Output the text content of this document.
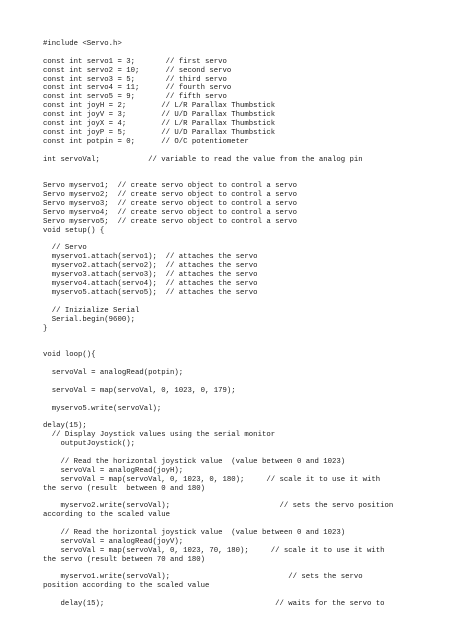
#include <Servo.h>

const int servo1 = 3;       // first servo
const int servo2 = 10;      // second servo
const int servo3 = 5;       // third servo
const int servo4 = 11;      // fourth servo
const int servo5 = 9;       // fifth servo
const int joyH = 2;        // L/R Parallax Thumbstick
const int joyV = 3;        // U/D Parallax Thumbstick
const int joyX = 4;        // L/R Parallax Thumbstick
const int joyP = 5;        // U/D Parallax Thumbstick
const int potpin = 0;      // O/C potentiometer

int servoVal;           // variable to read the value from the analog pin

Servo myservo1;  // create servo object to control a servo
Servo myservo2;  // create servo object to control a servo
Servo myservo3;  // create servo object to control a servo
Servo myservo4;  // create servo object to control a servo
Servo myservo5;  // create servo object to control a servo
void setup() {

// Servo
myservo1.attach(servo1);  // attaches the servo
myservo2.attach(servo2);  // attaches the servo
myservo3.attach(servo3);  // attaches the servo
myservo4.attach(servo4);  // attaches the servo
myservo5.attach(servo5);  // attaches the servo

// Inizialize Serial
Serial.begin(9600);
}

void loop(){

servoVal = analogRead(potpin);

servoVal = map(servoVal, 0, 1023, 0, 179);

myservo5.write(servoVal);

delay(15);
// Display Joystick values using the serial monitor
outputJoystick();

// Read the horizontal joystick value  (value between 0 and 1023)
servoVal = analogRead(joyH);
servoVal = map(servoVal, 0, 1023, 0, 180);     // scale it to use it with
the servo (result  between 0 and 180)

myservo2.write(servoVal);                         // sets the servo position
according to the scaled value

// Read the horizontal joystick value  (value between 0 and 1023)
servoVal = analogRead(joyV);
servoVal = map(servoVal, 0, 1023, 70, 180);     // scale it to use it with
the servo (result between 70 and 180)

myservo1.write(servoVal);                           // sets the servo
position according to the scaled value

delay(15);                                       // waits for the servo to
